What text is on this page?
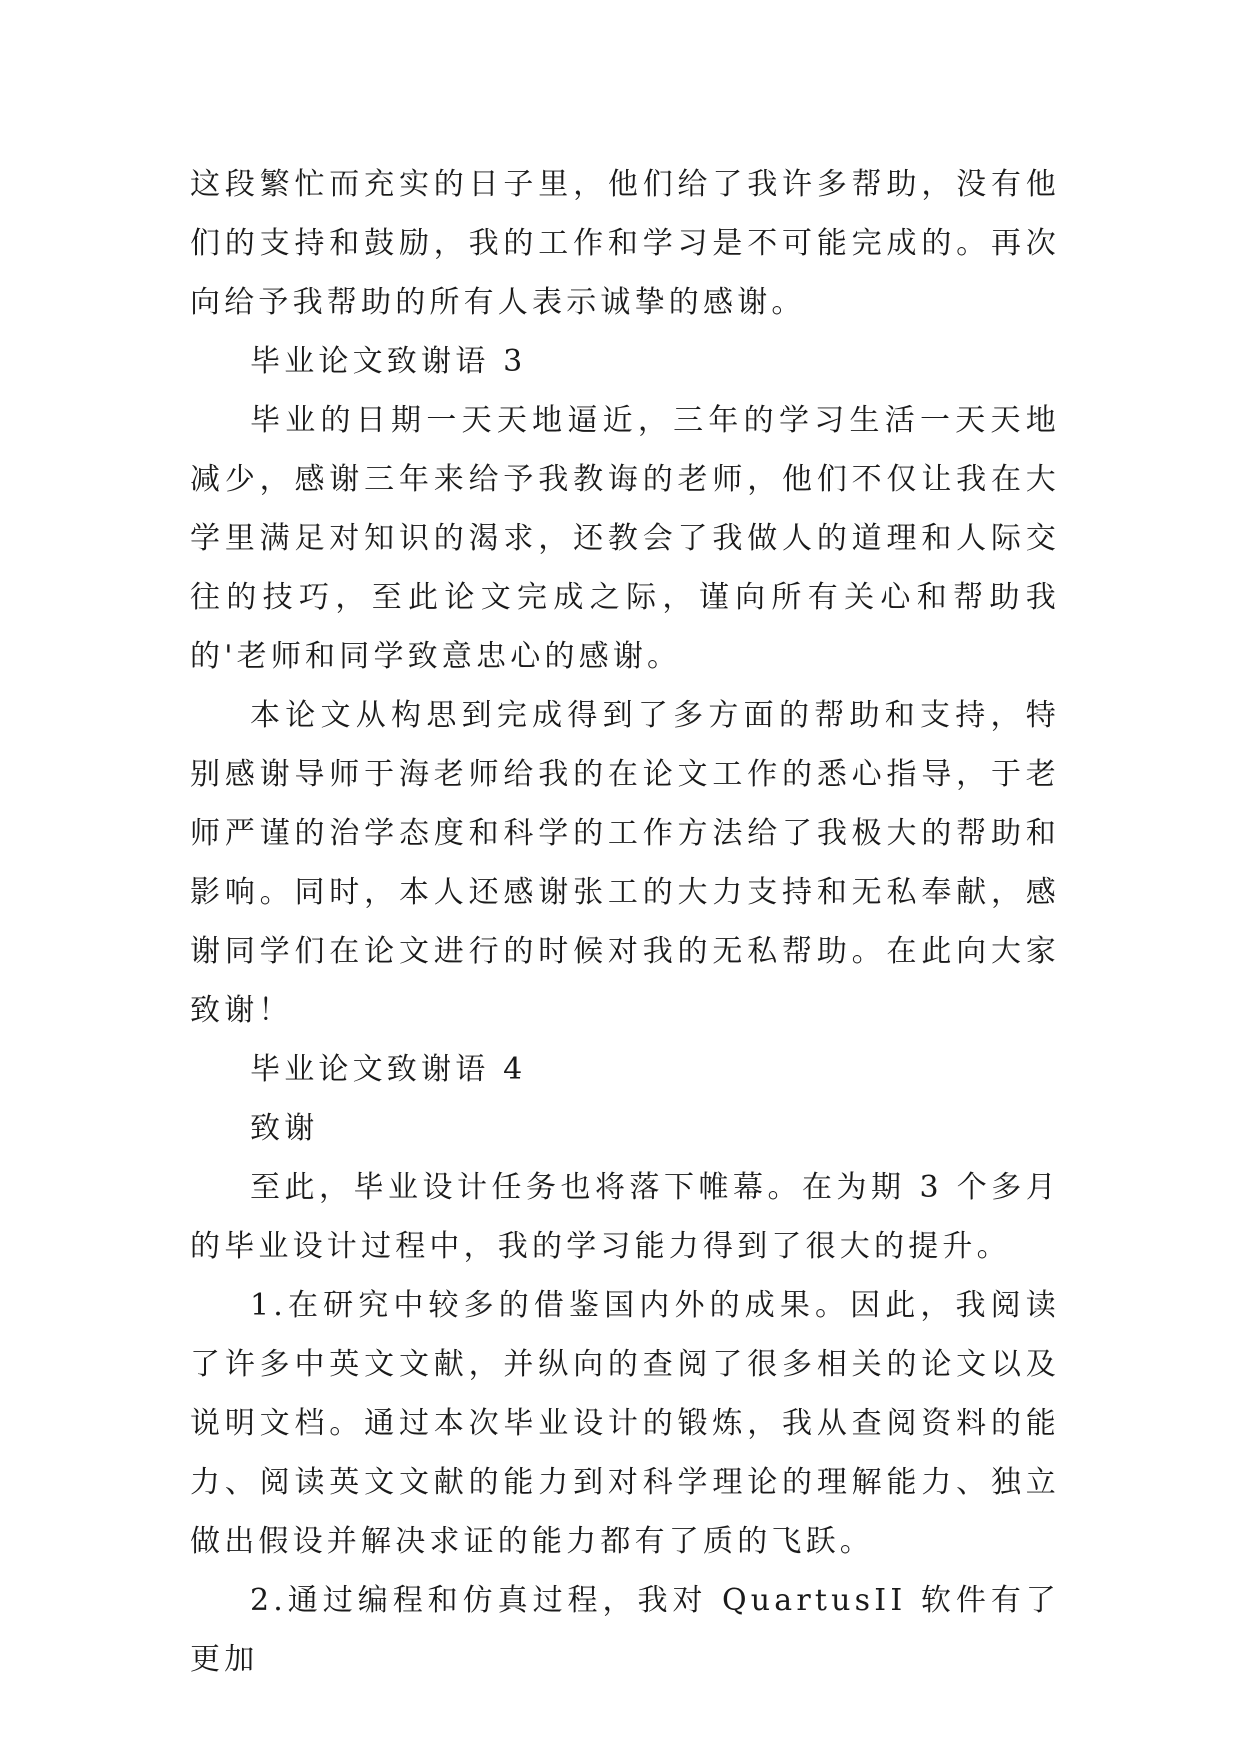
这段繁忙而充实的日子里，他们给了我许多帮助，没有他们的支持和鼓励，我的工作和学习是不可能完成的。再次向给予我帮助的所有人表示诚挚的感谢。

毕业论文致谢语 3

毕业的日期一天天地逼近，三年的学习生活一天天地减少，感谢三年来给予我教诲的老师，他们不仅让我在大学里满足对知识的渴求，还教会了我做人的道理和人际交往的技巧，至此论文完成之际，谨向所有关心和帮助我的'老师和同学致意忠心的感谢。

本论文从构思到完成得到了多方面的帮助和支持，特别感谢导师于海老师给我的在论文工作的悉心指导，于老师严谨的治学态度和科学的工作方法给了我极大的帮助和影响。同时，本人还感谢张工的大力支持和无私奉献，感谢同学们在论文进行的时候对我的无私帮助。在此向大家致谢！

毕业论文致谢语 4

致谢

至此，毕业设计任务也将落下帷幕。在为期 3 个多月的毕业设计过程中，我的学习能力得到了很大的提升。

1.在研究中较多的借鉴国内外的成果。因此，我阅读了许多中英文文献，并纵向的查阅了很多相关的论文以及说明文档。通过本次毕业设计的锻炼，我从查阅资料的能力、阅读英文文献的能力到对科学理论的理解能力、独立做出假设并解决求证的能力都有了质的飞跃。

2.通过编程和仿真过程，我对 QuartusII 软件有了更加
